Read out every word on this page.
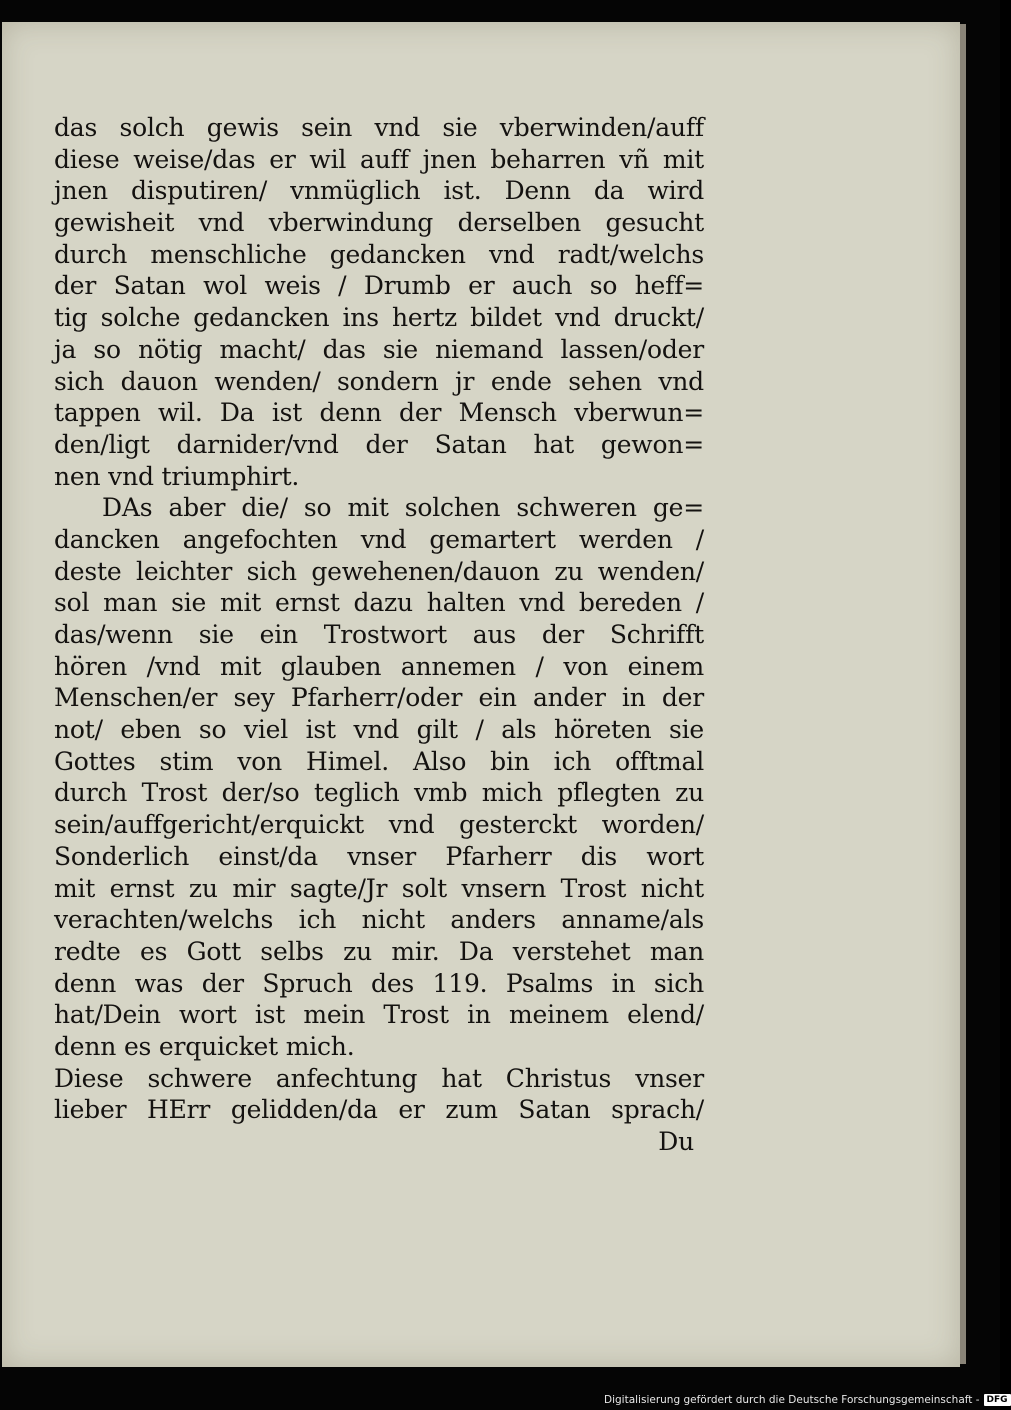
das solch gewis sein vnd sie vberwinden/auff
diese weise/das er wil auff jnen beharren vñ mit
jnen disputiren/ vnmüglich ist. Denn da wird
gewisheit vnd vberwindung derselben gesucht
durch menschliche gedancken vnd radt/welchs
der Satan wol weis / Drumb er auch so heff=
tig solche gedancken ins hertz bildet vnd druckt/
ja so nötig macht/ das sie niemand lassen/oder
sich dauon wenden/ sondern jr ende sehen vnd
tappen wil. Da ist denn der Mensch vberwun=
den/ligt darnider/vnd der Satan hat gewon=
nen vnd triumphirt.
DAs aber die/ so mit solchen schweren ge=
dancken angefochten vnd gemartert werden /
deste leichter sich gewehenen/dauon zu wenden/
sol man sie mit ernst dazu halten vnd bereden /
das/wenn sie ein Trostwort aus der Schrifft
hören /vnd mit glauben annemen / von einem
Menschen/er sey Pfarherr/oder ein ander in der
not/ eben so viel ist vnd gilt / als höreten sie
Gottes stim von Himel. Also bin ich offtmal
durch Trost der/so teglich vmb mich pflegten zu
sein/auffgericht/erquickt vnd gesterckt worden/
Sonderlich einst/da vnser Pfarherr dis wort
mit ernst zu mir sagte/Jr solt vnsern Trost nicht
verachten/welchs ich nicht anders anname/als
redte es Gott selbs zu mir. Da verstehet man
denn was der Spruch des 119. Psalms in sich
hat/Dein wort ist mein Trost in meinem elend/
denn es erquicket mich.
Diese schwere anfechtung hat Christus vnser
lieber HErr gelidden/da er zum Satan sprach/
Du
Digitalisierung gefördert durch die Deutsche Forschungsgemeinschaft - DFG
